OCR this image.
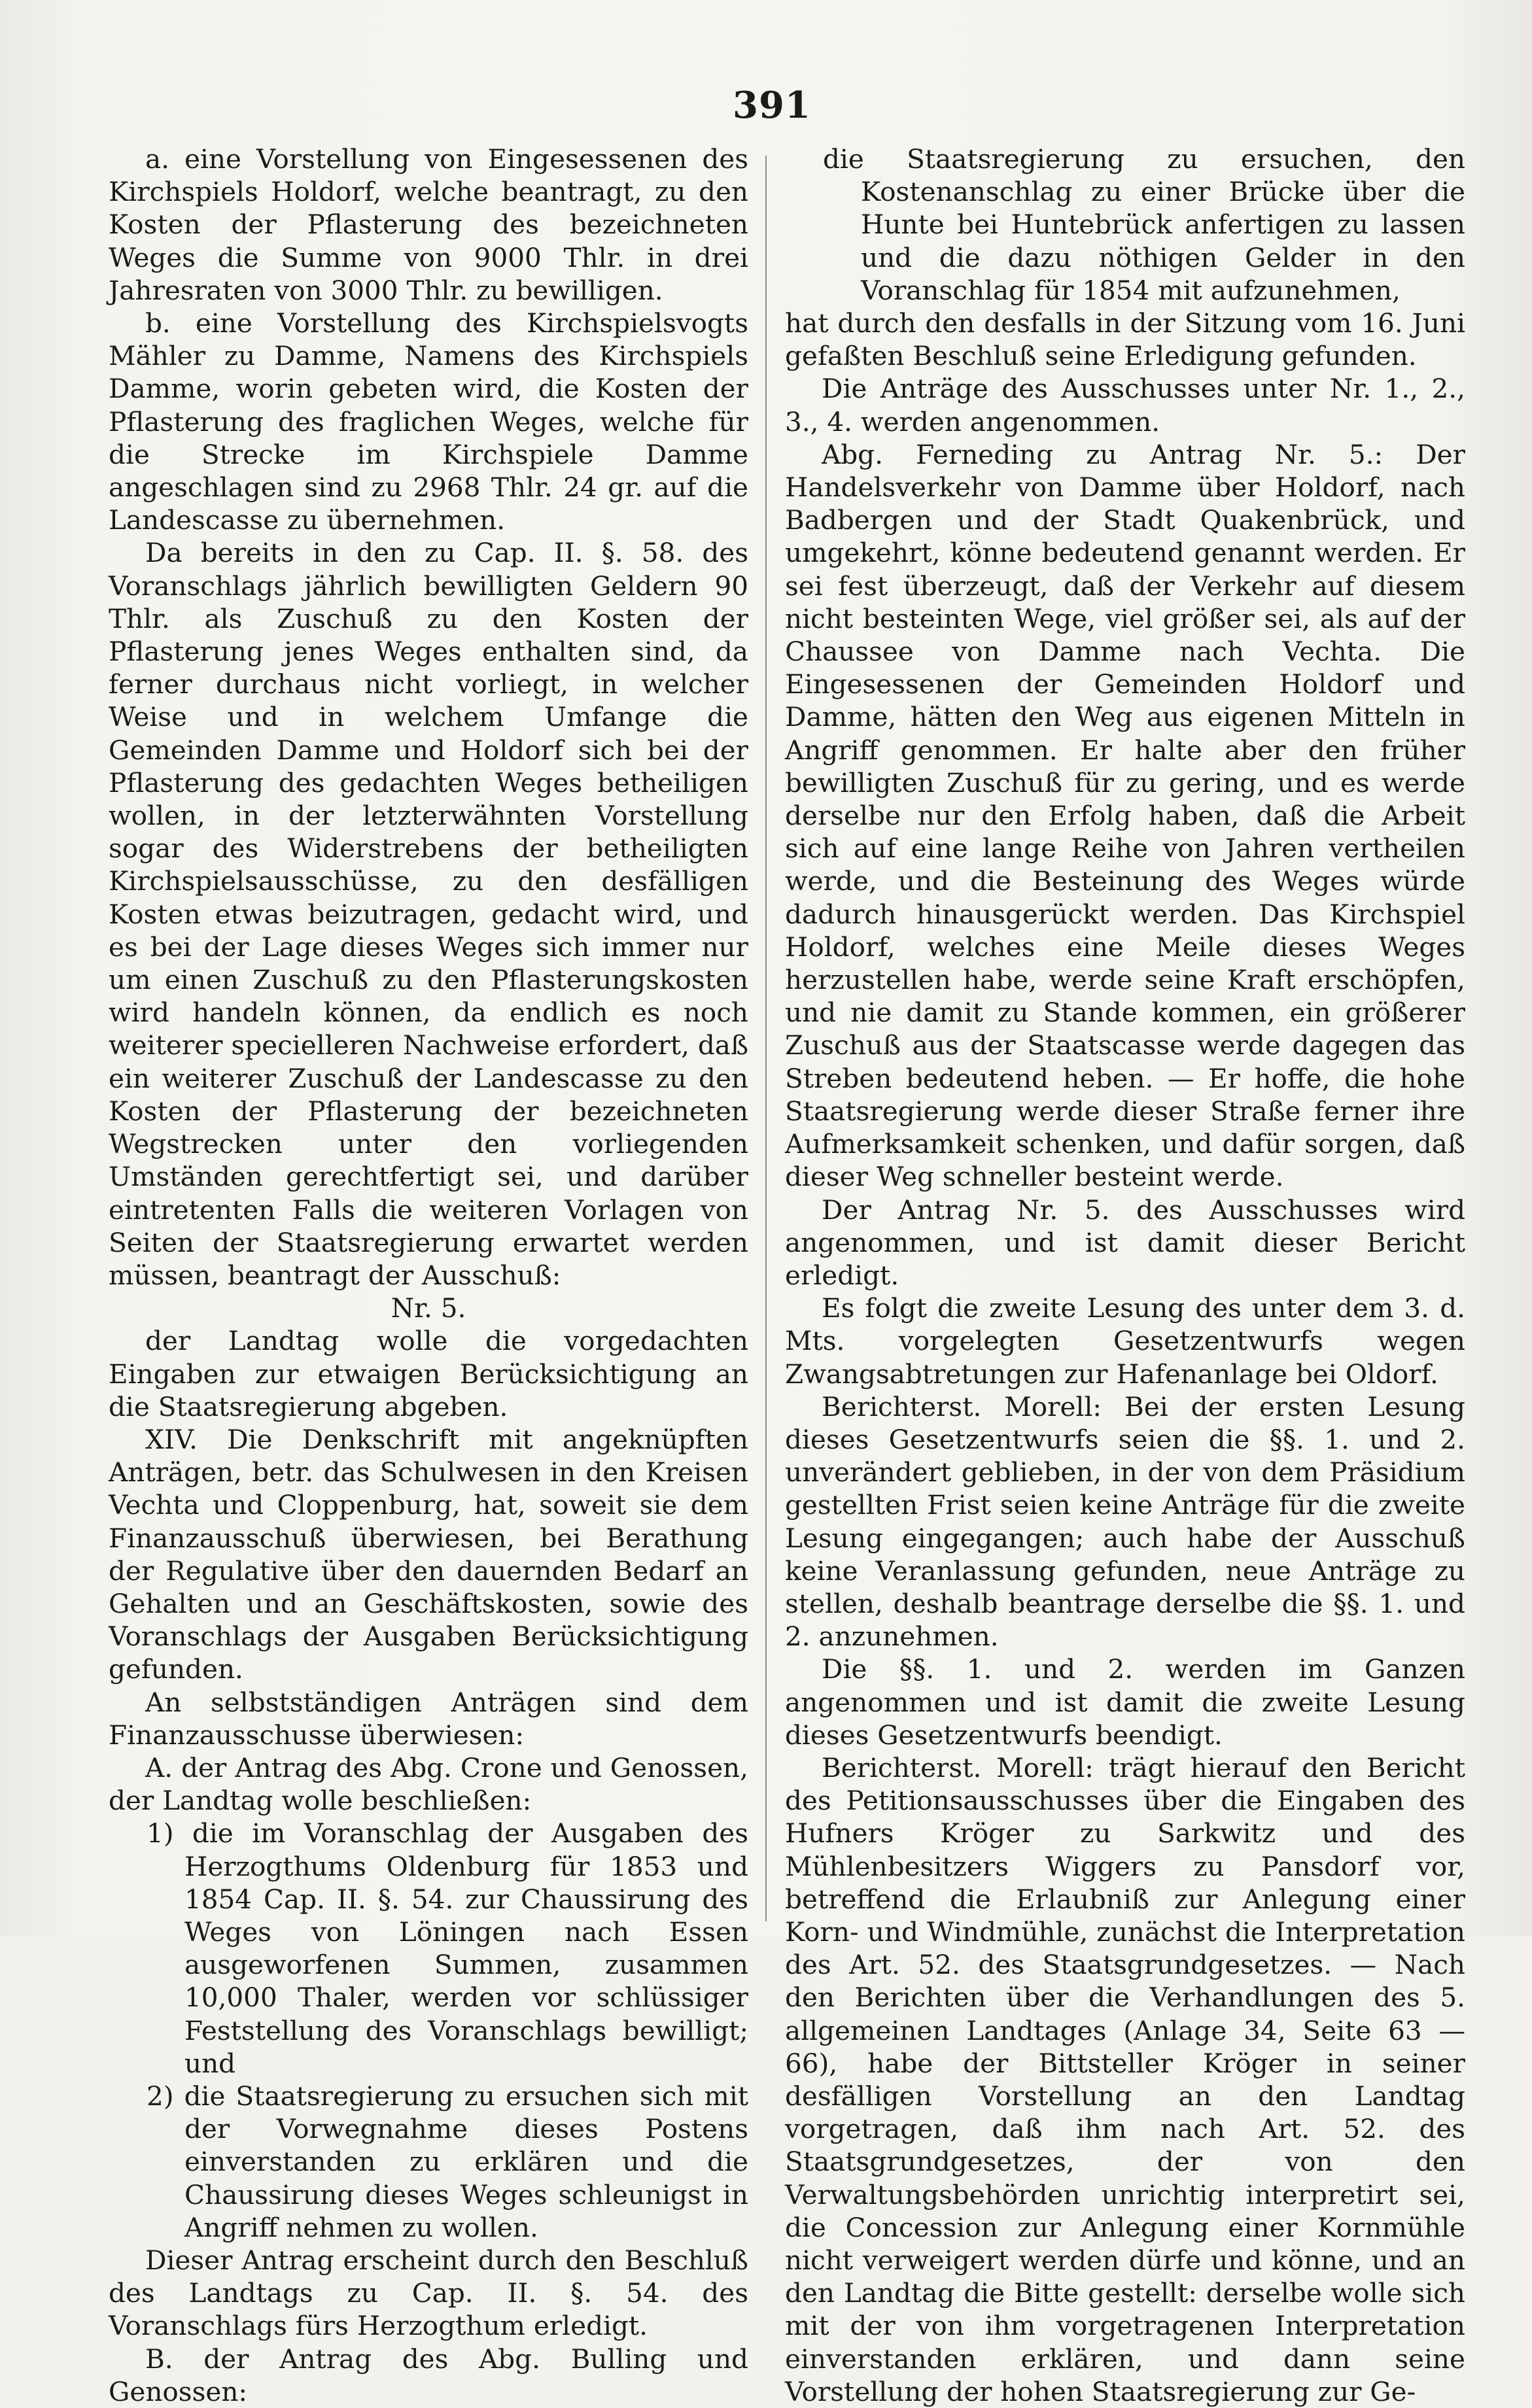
391

a. eine Vorstellung von Eingesessenen des Kirchspiels Holdorf, welche beantragt, zu den Kosten der Pflasterung des bezeichneten Weges die Summe von 9000 Thlr. in drei Jahresraten von 3000 Thlr. zu bewilligen.

b. eine Vorstellung des Kirchspielsvogts Mähler zu Damme, Namens des Kirchspiels Damme, worin gebeten wird, die Kosten der Pflasterung des fraglichen Weges, welche für die Strecke im Kirchspiele Damme angeschlagen sind zu 2968 Thlr. 24 gr. auf die Landescasse zu übernehmen.

Da bereits in den zu Cap. II. §. 58. des Voranschlags jährlich bewilligten Geldern 90 Thlr. als Zuschuß zu den Kosten der Pflasterung jenes Weges enthalten sind, da ferner durchaus nicht vorliegt, in welcher Weise und in welchem Umfange die Gemeinden Damme und Holdorf sich bei der Pflasterung des gedachten Weges betheiligen wollen, in der letzterwähnten Vorstellung sogar des Widerstrebens der betheiligten Kirchspielsausschüsse, zu den desfälligen Kosten etwas beizutragen, gedacht wird, und es bei der Lage dieses Weges sich immer nur um einen Zuschuß zu den Pflasterungskosten wird handeln können, da endlich es noch weiterer specielleren Nachweise erfordert, daß ein weiterer Zuschuß der Landescasse zu den Kosten der Pflasterung der bezeichneten Wegstrecken unter den vorliegenden Umständen gerechtfertigt sei, und darüber eintretenten Falls die weiteren Vorlagen von Seiten der Staatsregierung erwartet werden müssen, beantragt der Ausschuß:

Nr. 5.

der Landtag wolle die vorgedachten Eingaben zur etwaigen Berücksichtigung an die Staatsregierung abgeben.

XIV. Die Denkschrift mit angeknüpften Anträgen, betr. das Schulwesen in den Kreisen Vechta und Cloppenburg, hat, soweit sie dem Finanzausschuß überwiesen, bei Berathung der Regulative über den dauernden Bedarf an Gehalten und an Geschäftskosten, sowie des Voranschlags der Ausgaben Berücksichtigung gefunden.

An selbstständigen Anträgen sind dem Finanzausschusse überwiesen:

A. der Antrag des Abg. Crone und Genossen, der Landtag wolle beschließen:

1) die im Voranschlag der Ausgaben des Herzogthums Oldenburg für 1853 und 1854 Cap. II. §. 54. zur Chaussirung des Weges von Löningen nach Essen ausgeworfenen Summen, zusammen 10,000 Thaler, werden vor schlüssiger Feststellung des Voranschlags bewilligt; und

2) die Staatsregierung zu ersuchen sich mit der Vorwegnahme dieses Postens einverstanden zu erklären und die Chaussirung dieses Weges schleunigst in Angriff nehmen zu wollen.

Dieser Antrag erscheint durch den Beschluß des Landtags zu Cap. II. §. 54. des Voranschlags fürs Herzogthum erledigt.

B. der Antrag des Abg. Bulling und Genossen:

die Staatsregierung zu ersuchen, den Kostenanschlag zu einer Brücke über die Hunte bei Huntebrück anfertigen zu lassen und die dazu nöthigen Gelder in den Voranschlag für 1854 mit aufzunehmen,

hat durch den desfalls in der Sitzung vom 16. Juni gefaßten Beschluß seine Erledigung gefunden.

Die Anträge des Ausschusses unter Nr. 1., 2., 3., 4. werden angenommen.

Abg. Ferneding zu Antrag Nr. 5.: Der Handelsverkehr von Damme über Holdorf, nach Badbergen und der Stadt Quakenbrück, und umgekehrt, könne bedeutend genannt werden. Er sei fest überzeugt, daß der Verkehr auf diesem nicht besteinten Wege, viel größer sei, als auf der Chaussee von Damme nach Vechta. Die Eingesessenen der Gemeinden Holdorf und Damme, hätten den Weg aus eigenen Mitteln in Angriff genommen. Er halte aber den früher bewilligten Zuschuß für zu gering, und es werde derselbe nur den Erfolg haben, daß die Arbeit sich auf eine lange Reihe von Jahren vertheilen werde, und die Besteinung des Weges würde dadurch hinausgerückt werden. Das Kirchspiel Holdorf, welches eine Meile dieses Weges herzustellen habe, werde seine Kraft erschöpfen, und nie damit zu Stande kommen, ein größerer Zuschuß aus der Staatscasse werde dagegen das Streben bedeutend heben. — Er hoffe, die hohe Staatsregierung werde dieser Straße ferner ihre Aufmerksamkeit schenken, und dafür sorgen, daß dieser Weg schneller besteint werde.

Der Antrag Nr. 5. des Ausschusses wird angenommen, und ist damit dieser Bericht erledigt.

Es folgt die zweite Lesung des unter dem 3. d. Mts. vorgelegten Gesetzentwurfs wegen Zwangsabtretungen zur Hafenanlage bei Oldorf.

Berichterst. Morell: Bei der ersten Lesung dieses Gesetzentwurfs seien die §§. 1. und 2. unverändert geblieben, in der von dem Präsidium gestellten Frist seien keine Anträge für die zweite Lesung eingegangen; auch habe der Ausschuß keine Veranlassung gefunden, neue Anträge zu stellen, deshalb beantrage derselbe die §§. 1. und 2. anzunehmen.

Die §§. 1. und 2. werden im Ganzen angenommen und ist damit die zweite Lesung dieses Gesetzentwurfs beendigt.

Berichterst. Morell: trägt hierauf den Bericht des Petitionsausschusses über die Eingaben des Hufners Kröger zu Sarkwitz und des Mühlenbesitzers Wiggers zu Pansdorf vor, betreffend die Erlaubniß zur Anlegung einer Korn- und Windmühle, zunächst die Interpretation des Art. 52. des Staatsgrundgesetzes. — Nach den Berichten über die Verhandlungen des 5. allgemeinen Landtages (Anlage 34, Seite 63 — 66), habe der Bittsteller Kröger in seiner desfälligen Vorstellung an den Landtag vorgetragen, daß ihm nach Art. 52. des Staatsgrundgesetzes, der von den Verwaltungsbehörden unrichtig interpretirt sei, die Concession zur Anlegung einer Kornmühle nicht verweigert werden dürfe und könne, und an den Landtag die Bitte gestellt: derselbe wolle sich mit der von ihm vorgetragenen Interpretation einverstanden erklären, und dann seine Vorstellung der hohen Staatsregierung zur Ge-
